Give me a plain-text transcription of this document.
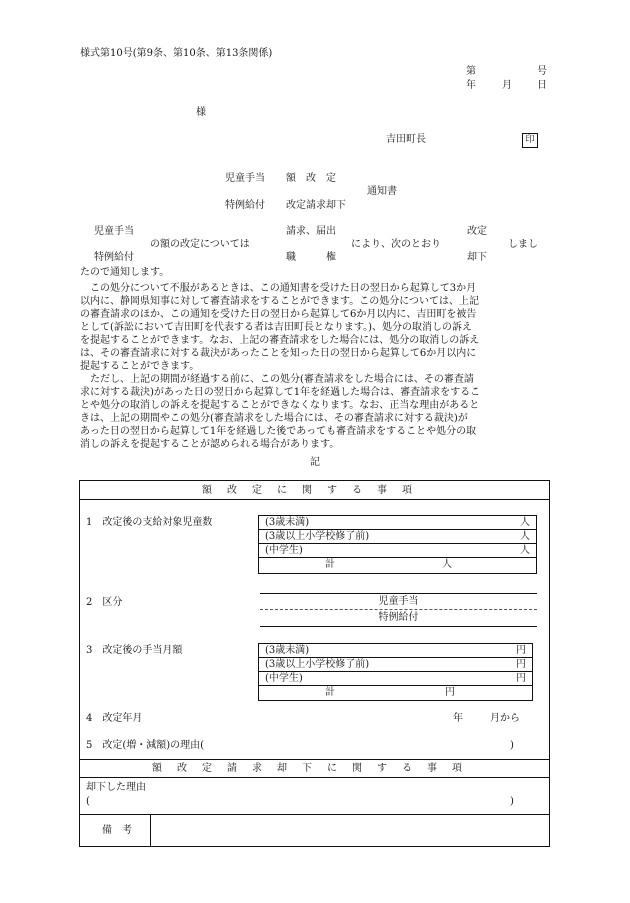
様式第10号(第9条、第10条、第13条関係)
第	号
年	月	日
様
吉田町長	印
児童手当 額　改　定
通知書
特例給付 改定請求却下
児童手当	請求、届出	改定
の額の改定については	により、次のとおり	しまし
特例給付	職　　　権	却下
たので通知します。
この処分について不服があるときは、この通知書を受けた日の翌日から起算して3か月
以内に、静岡県知事に対して審査請求をすることができます。この処分については、上記
の審査請求のほか、この通知を受けた日の翌日から起算して6か月以内に、吉田町を被告
として(訴訟において吉田町を代表する者は吉田町長となります。)、処分の取消しの訴え
を提起することができます。なお、上記の審査請求をした場合には、処分の取消しの訴え
は、その審査請求に対する裁決があったことを知った日の翌日から起算して6か月以内に
提起することができます。
ただし、上記の期間が経過する前に、この処分(審査請求をした場合には、その審査請
求に対する裁決)があった日の翌日から起算して1年を経過した場合は、審査請求をするこ
とや処分の取消しの訴えを提起することができなくなります。なお、正当な理由があると
きは、上記の期間やこの処分(審査請求をした場合には、その審査請求に対する裁決)が
あった日の翌日から起算して1年を経過した後であっても審査請求をすることや処分の取
消しの訴えを提起することが認められる場合があります。
記
額改定に関する事項
1　改定後の支給対象児童数	(3歳未満)	人
(3歳以上小学校修了前)	人
(中学生)	人
計	人
2　区分	児童手当
特例給付
3　改定後の手当月額	(3歳未満)	円
(3歳以上小学校修了前)	円
(中学生)	円
計	円
4　改定年月	年	月から
5　改定(増・減額)の理由(	)
額改定請求却下に関する事項
却下した理由
(	)
備　考
